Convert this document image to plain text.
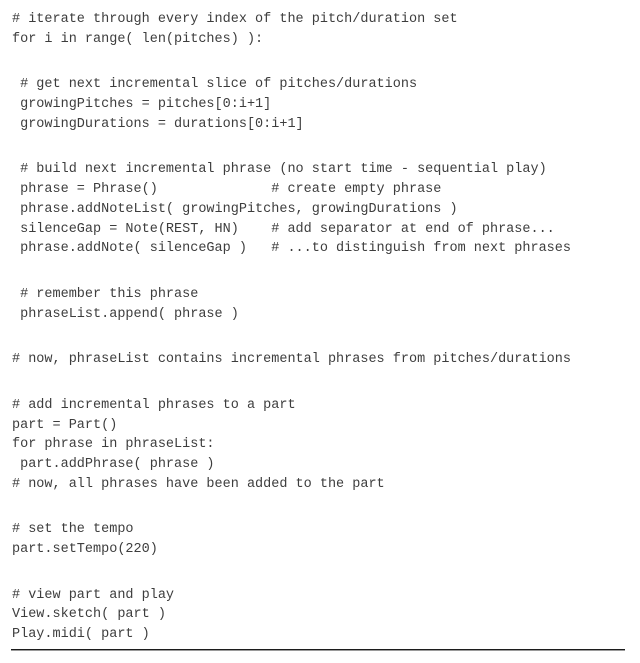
# iterate through every index of the pitch/duration set
for i in range( len(pitches) ):
# get next incremental slice of pitches/durations
growingPitches = pitches[0:i+1]
growingDurations = durations[0:i+1]
# build next incremental phrase (no start time - sequential play)
phrase = Phrase()              # create empty phrase
phrase.addNoteList( growingPitches, growingDurations )
silenceGap = Note(REST, HN)    # add separator at end of phrase...
phrase.addNote( silenceGap )   # ...to distinguish from next phrases
# remember this phrase
phraseList.append( phrase )
# now, phraseList contains incremental phrases from pitches/durations
# add incremental phrases to a part
part = Part()
for phrase in phraseList:
part.addPhrase( phrase )
# now, all phrases have been added to the part
# set the tempo
part.setTempo(220)
# view part and play
View.sketch( part )
Play.midi( part )
